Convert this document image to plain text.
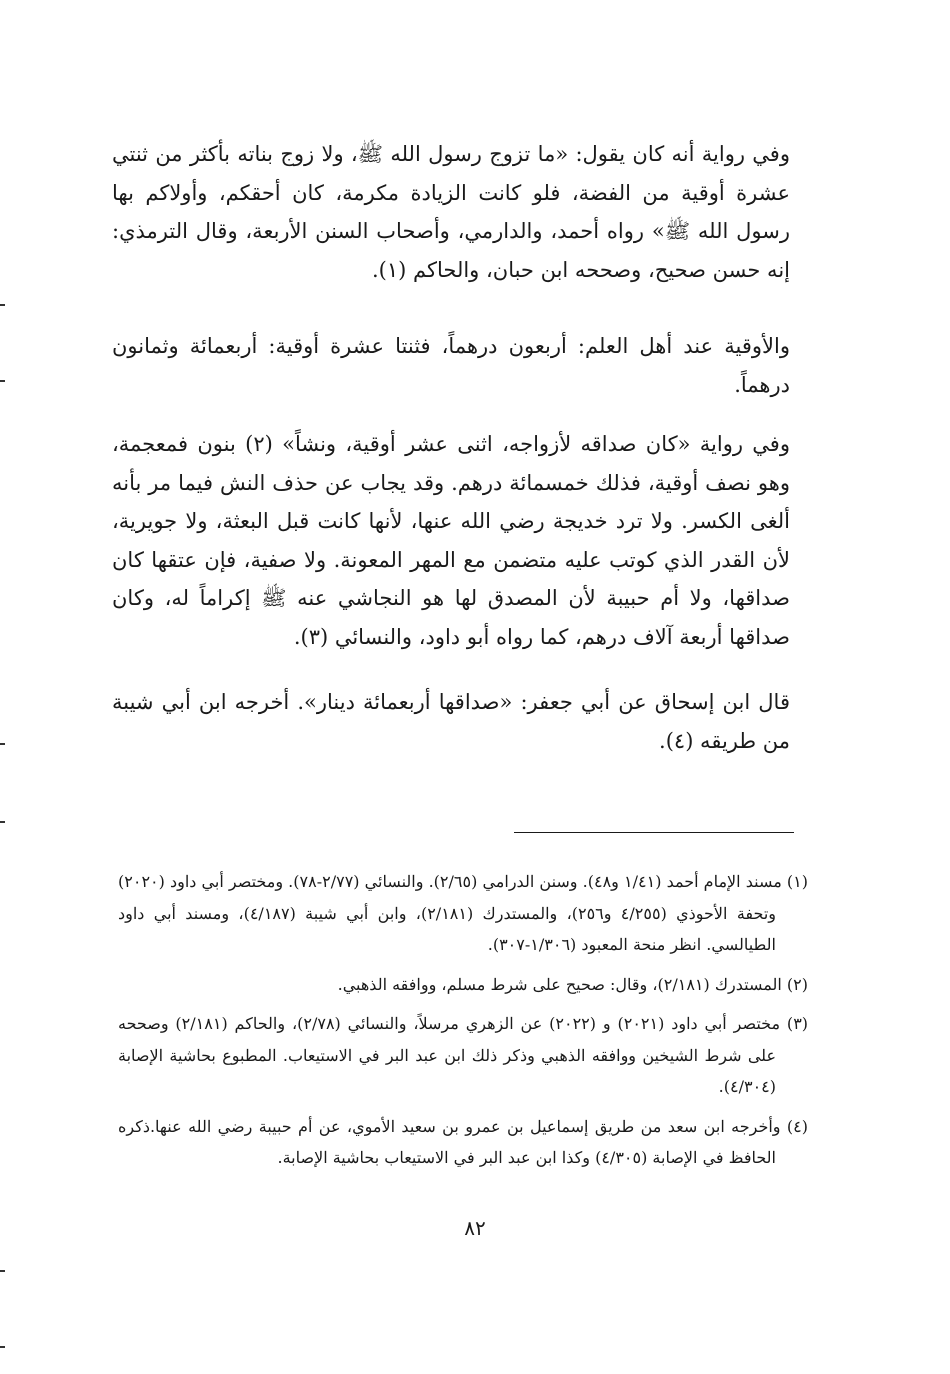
وفي رواية أنه كان يقول: «ما تزوج رسول الله ﷺ، ولا زوج بناته بأكثر من ثنتي عشرة أوقية من الفضة، فلو كانت الزيادة مكرمة، كان أحقكم، وأولاكم بها رسول الله ﷺ» رواه أحمد، والدارمي، وأصحاب السنن الأربعة، وقال الترمذي: إنه حسن صحيح، وصححه ابن حبان، والحاكم (١).

والأوقية عند أهل العلم: أربعون درهماً، فثنتا عشرة أوقية: أربعمائة وثمانون درهماً.

وفي رواية «كان صداقه لأزواجه، اثنى عشر أوقية، ونشاً» (٢) بنون فمعجمة، وهو نصف أوقية، فذلك خمسمائة درهم. وقد يجاب عن حذف النش فيما مر بأنه ألغى الكسر. ولا ترد خديجة رضي الله عنها، لأنها كانت قبل البعثة، ولا جويرية، لأن القدر الذي كوتب عليه متضمن مع المهر المعونة. ولا صفية، فإن عتقها كان صداقها، ولا أم حبيبة لأن المصدق لها هو النجاشي عنه ﷺ إكراماً له، وكان صداقها أربعة آلاف درهم، كما رواه أبو داود، والنسائي (٣).

قال ابن إسحاق عن أبي جعفر: «صداقها أربعمائة دينار». أخرجه ابن أبي شيبة من طريقه (٤).

(١) مسند الإمام أحمد (١/٤١ و٤٨). وسنن الدرامي (٢/٦٥). والنسائي (٢/٧٧-٧٨). ومختصر أبي داود (٢٠٢٠) وتحفة الأحوذي (٤/٢٥٥ و٢٥٦)، والمستدرك (٢/١٨١)، وابن أبي شيبة (٤/١٨٧)، ومسند أبي داود الطيالسي. انظر منحة المعبود (١/٣٠٦-٣٠٧).

(٢) المستدرك (٢/١٨١)، وقال: صحيح على شرط مسلم، ووافقه الذهبي.

(٣) مختصر أبي داود (٢٠٢١) و (٢٠٢٢) عن الزهري مرسلاً، والنسائي (٢/٧٨)، والحاكم (٢/١٨١) وصححه على شرط الشيخين ووافقه الذهبي وذكر ذلك ابن عبد البر في الاستيعاب. المطبوع بحاشية الإصابة (٤/٣٠٤).

(٤) وأخرجه ابن سعد من طريق إسماعيل بن عمرو بن سعيد الأموي، عن أم حبيبة رضي الله عنها.ذكره الحافظ في الإصابة (٤/٣٠٥) وكذا ابن عبد البر في الاستيعاب بحاشية الإصابة.

٨٢
